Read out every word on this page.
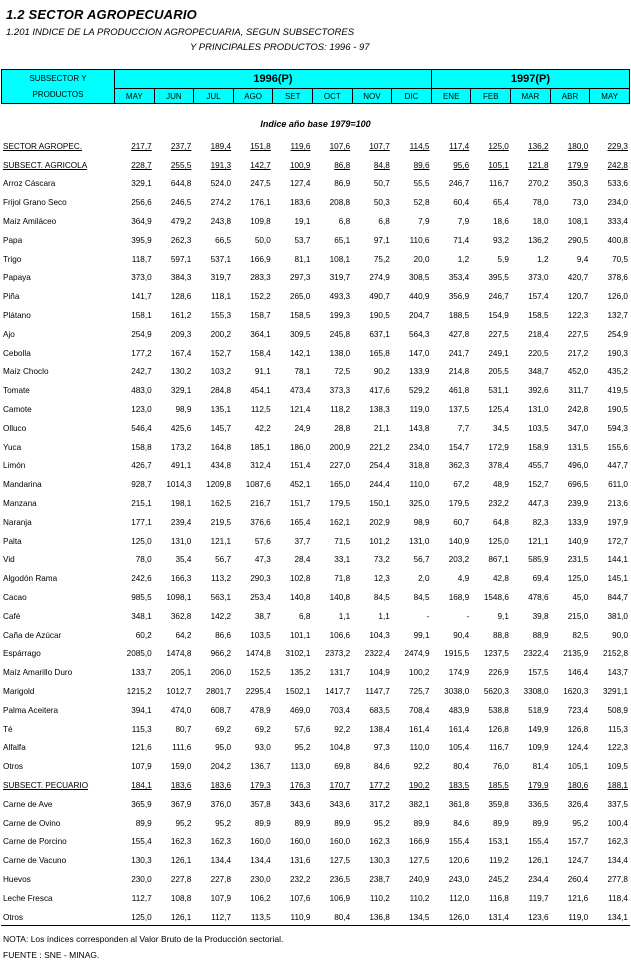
1.2 SECTOR AGROPECUARIO
1.201 INDICE DE LA PRODUCCION AGROPECUARIA, SEGUN SUBSECTORES
Y PRINCIPALES PRODUCTOS: 1996 - 97
SUBSECTOR Y
PRODUCTOS	1996(P)								1997(P)				
	MAY	JUN	JUL	AGO	SET	OCT	NOV	DIC	ENE	FEB	MAR	ABR	MAY
Indice año base 1979=100
SECTOR AGROPEC.	217,7	237,7	189,4	151,8	119,6	107,6	107,7	114,5	117,4	125,0	136,2	180,0	229,3
SUBSECT. AGRICOLA	228,7	255,5	191,3	142,7	100,9	86,8	84,8	89,6	95,6	105,1	121,8	179,9	242,8
Arroz Cáscara	329,1	644,8	524,0	247,5	127,4	86,9	50,7	55,5	246,7	116,7	270,2	350,3	533,6
Frijol Grano Seco	256,6	246,5	274,2	176,1	183,6	208,8	50,3	52,8	60,4	65,4	78,0	73,0	234,0
Maíz Amiláceo	364,9	479,2	243,8	109,8	19,1	6,8	6,8	7,9	7,9	18,6	18,0	108,1	333,4
Papa	395,9	262,3	66,5	50,0	53,7	65,1	97,1	110,6	71,4	93,2	136,2	290,5	400,8
Trigo	118,7	597,1	537,1	166,9	81,1	108,1	75,2	20,0	1,2	5,9	1,2	9,4	70,5
Papaya	373,0	384,3	319,7	283,3	297,3	319,7	274,9	308,5	353,4	395,5	373,0	420,7	378,6
Piña	141,7	128,6	118,1	152,2	265,0	493,3	490,7	440,9	356,9	246,7	157,4	120,7	126,0
Plátano	158,1	161,2	155,3	158,7	158,5	199,3	190,5	204,7	188,5	154,9	158,5	122,3	132,7
Ajo	254,9	209,3	200,2	364,1	309,5	245,8	637,1	564,3	427,8	227,5	218,4	227,5	254,9
Cebolla	177,2	167,4	152,7	158,4	142,1	138,0	165,8	147,0	241,7	249,1	220,5	217,2	190,3
Maíz Choclo	242,7	130,2	103,2	91,1	78,1	72,5	90,2	133,9	214,8	205,5	348,7	452,0	435,2
Tomate	483,0	329,1	284,8	454,1	473,4	373,3	417,6	529,2	461,8	531,1	392,6	311,7	419,5
Camote	123,0	98,9	135,1	112,5	121,4	118,2	138,3	119,0	137,5	125,4	131,0	242,8	190,5
Olluco	546,4	425,6	145,7	42,2	24,9	28,8	21,1	143,8	7,7	34,5	103,5	347,0	594,3
Yuca	158,8	173,2	164,8	185,1	186,0	200,9	221,2	234,0	154,7	172,9	158,9	131,5	155,6
Limón	426,7	491,1	434,8	312,4	151,4	227,0	254,4	318,8	362,3	378,4	455,7	496,0	447,7
Mandarina	928,7	1014,3	1209,8	1087,6	452,1	165,0	244,4	110,0	67,2	48,9	152,7	696,5	611,0
Manzana	215,1	198,1	162,5	216,7	151,7	179,5	150,1	325,0	179,5	232,2	447,3	239,9	213,6
Naranja	177,1	239,4	219,5	376,6	165,4	162,1	202,9	98,9	60,7	64,8	82,3	133,9	197,9
Palta	125,0	131,0	121,1	57,6	37,7	71,5	101,2	131,0	140,9	125,0	121,1	140,9	172,7
Vid	78,0	35,4	56,7	47,3	28,4	33,1	73,2	56,7	203,2	867,1	585,9	231,5	144,1
Algodón Rama	242,6	166,3	113,2	290,3	102,8	71,8	12,3	2,0	4,9	42,8	69,4	125,0	145,1
Cacao	985,5	1098,1	563,1	253,4	140,8	140,8	84,5	84,5	168,9	1548,6	478,6	45,0	844,7
Café	348,1	362,8	142,2	38,7	6,8	1,1	1,1	-	-	9,1	39,8	215,0	381,0
Caña de Azúcar	60,2	64,2	86,6	103,5	101,1	106,6	104,3	99,1	90,4	88,8	88,9	82,5	90,0
Espárrago	2085,0	1474,8	966,2	1474,8	3102,1	2373,2	2322,4	2474,9	1915,5	1237,5	2322,4	2135,9	2152,8
Maíz Amarillo Duro	133,7	205,1	206,0	152,5	135,2	131,7	104,9	100,2	174,9	226,9	157,5	146,4	143,7
Marigold	1215,2	1012,7	2801,7	2295,4	1502,1	1417,7	1147,7	725,7	3038,0	5620,3	3308,0	1620,3	3291,1
Palma Aceitera	394,1	474,0	608,7	478,9	469,0	703,4	683,5	708,4	483,9	538,8	518,9	723,4	508,9
Té	115,3	80,7	69,2	69,2	57,6	92,2	138,4	161,4	161,4	126,8	149,9	126,8	115,3
Alfalfa	121,6	111,6	95,0	93,0	95,2	104,8	97,3	110,0	105,4	116,7	109,9	124,4	122,3
Otros	107,9	159,0	204,2	136,7	113,0	69,8	84,6	92,2	80,4	76,0	81,4	105,1	109,5
SUBSECT. PECUARIO	184,1	183,6	183,6	179,3	176,3	170,7	177,2	190,2	183,5	185,5	179,9	180,6	188,1
Carne de Ave	365,9	367,9	376,0	357,8	343,6	343,6	317,2	382,1	361,8	359,8	336,5	326,4	337,5
Carne de Ovino	89,9	95,2	95,2	89,9	89,9	89,9	95,2	89,9	84,6	89,9	89,9	95,2	100,4
Carne de Porcino	155,4	162,3	162,3	160,0	160,0	160,0	162,3	166,9	155,4	153,1	155,4	157,7	162,3
Carne de Vacuno	130,3	126,1	134,4	134,4	131,6	127,5	130,3	127,5	120,6	119,2	126,1	124,7	134,4
Huevos	230,0	227,8	227,8	230,0	232,2	236,5	238,7	240,9	243,0	245,2	234,4	260,4	277,8
Leche Fresca	112,7	108,8	107,9	106,2	107,6	106,9	110,2	110,2	112,0	116,8	119,7	121,6	118,4
Otros	125,0	126,1	112,7	113,5	110,9	80,4	136,8	134,5	126,0	131,4	123,6	119,0	134,1
NOTA: Los índices corresponden al Valor Bruto de la Producción sectorial.
FUENTE : SNE - MINAG.
